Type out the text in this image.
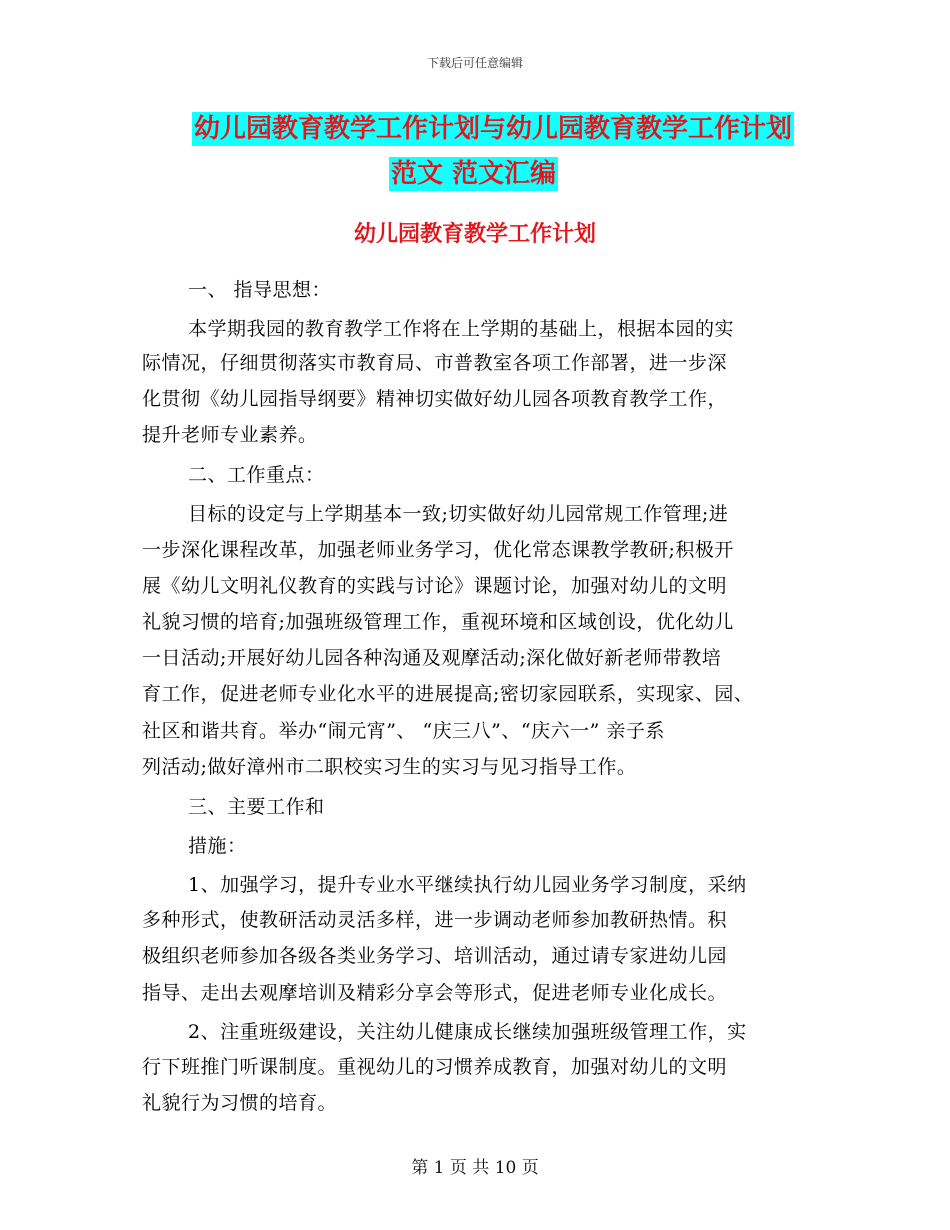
下载后可任意编辑
幼儿园教育教学工作计划与幼儿园教育教学工作计划
范文 范文汇编
幼儿园教育教学工作计划
一、 指导思想：
本学期我园的教育教学工作将在上学期的基础上，根据本园的实
际情况，仔细贯彻落实市教育局、市普教室各项工作部署，进一步深
化贯彻《幼儿园指导纲要》精神切实做好幼儿园各项教育教学工作，
提升老师专业素养。
二、工作重点：
目标的设定与上学期基本一致;切实做好幼儿园常规工作管理;进
一步深化课程改革，加强老师业务学习，优化常态课教学教研;积极开
展《幼儿文明礼仪教育的实践与讨论》课题讨论，加强对幼儿的文明
礼貌习惯的培育;加强班级管理工作，重视环境和区域创设，优化幼儿
一日活动;开展好幼儿园各种沟通及观摩活动;深化做好新老师带教培
育工作，促进老师专业化水平的进展提高;密切家园联系，实现家、园、
社区和谐共育。举办“闹元宵”、 “庆三八”、“庆六一” 亲子系
列活动;做好漳州市二职校实习生的实习与见习指导工作。
三、主要工作和
措施：
1、加强学习，提升专业水平继续执行幼儿园业务学习制度，采纳
多种形式，使教研活动灵活多样，进一步调动老师参加教研热情。积
极组织老师参加各级各类业务学习、培训活动，通过请专家进幼儿园
指导、走出去观摩培训及精彩分享会等形式，促进老师专业化成长。
2、注重班级建设，关注幼儿健康成长继续加强班级管理工作，实
行下班推门听课制度。重视幼儿的习惯养成教育，加强对幼儿的文明
礼貌行为习惯的培育。
第 1 页 共 10 页
